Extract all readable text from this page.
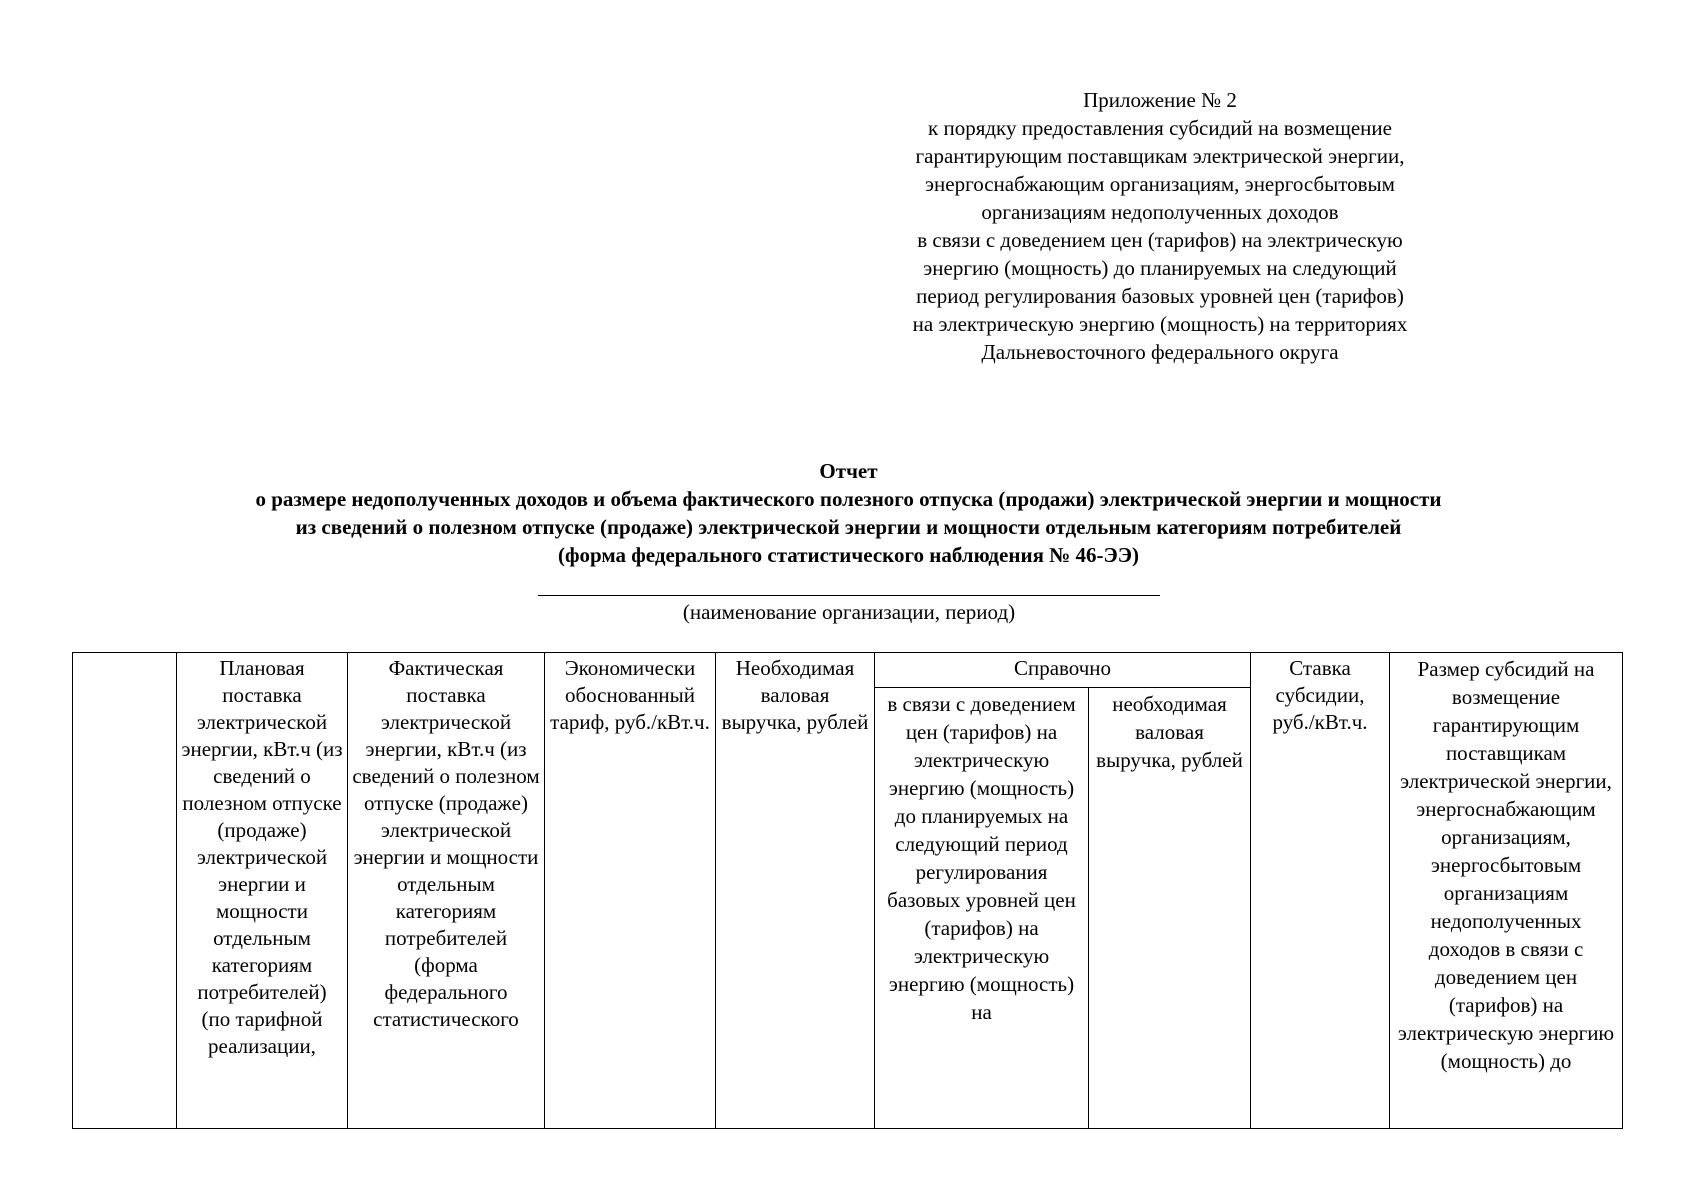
Приложение № 2
к порядку предоставления субсидий на возмещение
гарантирующим поставщикам электрической энергии,
энергоснабжающим организациям, энергосбытовым
организациям недополученных доходов
в связи с доведением цен (тарифов) на электрическую
энергию (мощность) до планируемых на следующий
период регулирования базовых уровней цен (тарифов)
на электрическую энергию (мощность) на территориях
Дальневосточного федерального округа
Отчет
о размере недополученных доходов и объема фактического полезного отпуска (продажи) электрической энергии и мощности
из сведений о полезном отпуске (продаже) электрической энергии и мощности отдельным категориям потребителей
(форма федерального статистического наблюдения № 46-ЭЭ)
(наименование организации, период)

	Плановая поставка электрической энергии, кВт.ч (из сведений о полезном отпуске (продаже) электрической энергии и мощности отдельным категориям потребителей) (по тарифной реализации,	Фактическая поставка электрической энергии, кВт.ч (из сведений о полезном отпуске (продаже) электрической энергии и мощности отдельным категориям потребителей (форма федерального статистического	Экономически обоснованный тариф, руб./кВт.ч.	Необходимая валовая выручка, рублей	Справочно		Ставка субсидии, руб./кВт.ч.	Размер субсидий на возмещение гарантирующим поставщикам электрической энергии, энергоснабжающим организациям, энергосбытовым организациям недополученных доходов в связи с доведением цен (тарифов) на электрическую энергию (мощность) до

					в связи с доведением цен (тарифов) на электрическую энергию (мощность) до планируемых на следующий период регулирования базовых уровней цен (тарифов) на электрическую энергию (мощность) на	необходимая валовая выручка, рублей		
